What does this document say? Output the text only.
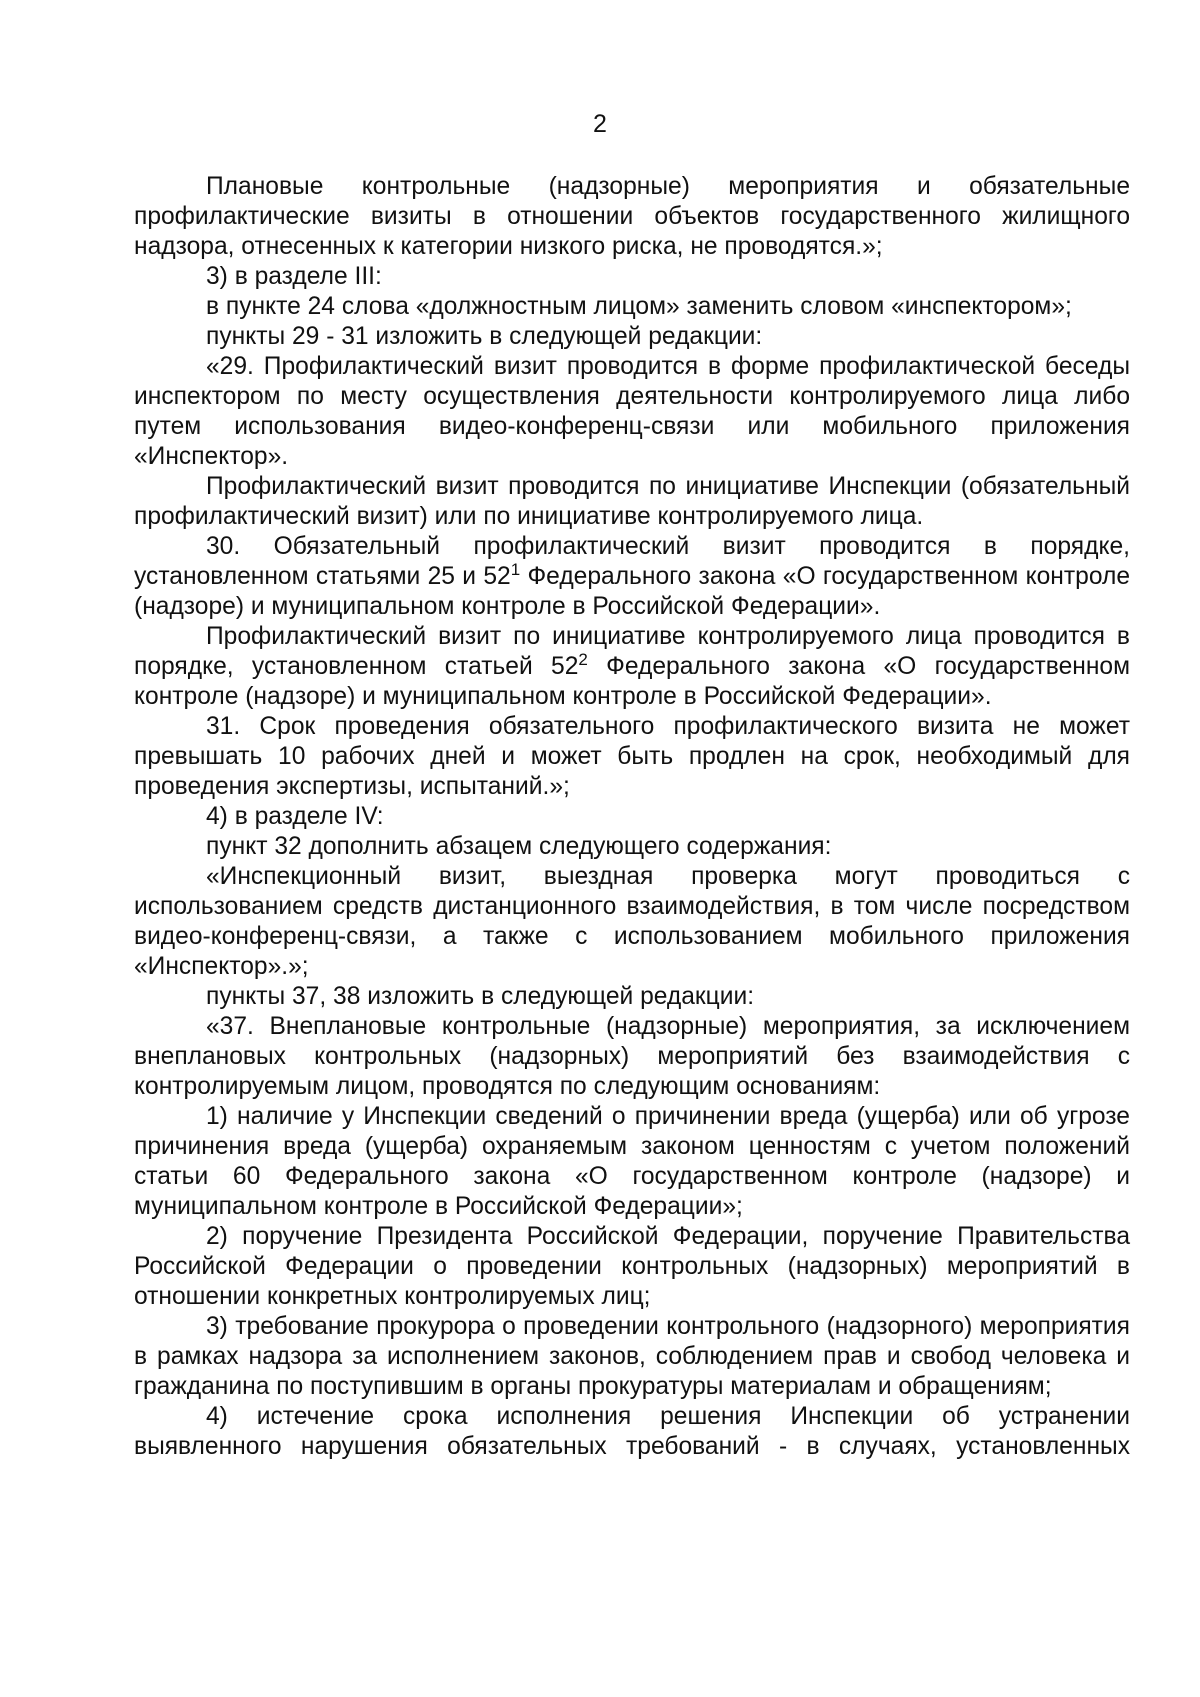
2

Плановые контрольные (надзорные) мероприятия и обязательные профилактические визиты в отношении объектов государственного жилищного надзора, отнесенных к категории низкого риска, не проводятся.»;

3) в разделе III:

в пункте 24 слова «должностным лицом» заменить словом «инспектором»;

пункты 29 - 31 изложить в следующей редакции:

«29. Профилактический визит проводится в форме профилактической беседы инспектором по месту осуществления деятельности контролируемого лица либо путем использования видео-конференц-связи или мобильного приложения «Инспектор».

Профилактический визит проводится по инициативе Инспекции (обязательный профилактический визит) или по инициативе контролируемого лица.

30. Обязательный профилактический визит проводится в порядке, установленном статьями 25 и $52^1$ Федерального закона «О государственном контроле (надзоре) и муниципальном контроле в Российской Федерации».

Профилактический визит по инициативе контролируемого лица проводится в порядке, установленном статьей $52^2$ Федерального закона «О государственном контроле (надзоре) и муниципальном контроле в Российской Федерации».

31. Срок проведения обязательного профилактического визита не может превышать 10 рабочих дней и может быть продлен на срок, необходимый для проведения экспертизы, испытаний.»;

4) в разделе IV:

пункт 32 дополнить абзацем следующего содержания:

«Инспекционный визит, выездная проверка могут проводиться с использованием средств дистанционного взаимодействия, в том числе посредством видео-конференц-связи, а также с использованием мобильного приложения «Инспектор».»;

пункты 37, 38 изложить в следующей редакции:

«37. Внеплановые контрольные (надзорные) мероприятия, за исключением внеплановых контрольных (надзорных) мероприятий без взаимодействия с контролируемым лицом, проводятся по следующим основаниям:

1) наличие у Инспекции сведений о причинении вреда (ущерба) или об угрозе причинения вреда (ущерба) охраняемым законом ценностям с учетом положений статьи 60 Федерального закона «О государственном контроле (надзоре) и муниципальном контроле в Российской Федерации»;

2) поручение Президента Российской Федерации, поручение Правительства Российской Федерации о проведении контрольных (надзорных) мероприятий в отношении конкретных контролируемых лиц;

3) требование прокурора о проведении контрольного (надзорного) мероприятия в рамках надзора за исполнением законов, соблюдением прав и свобод человека и гражданина по поступившим в органы прокуратуры материалам и обращениям;

4) истечение срока исполнения решения Инспекции об устранении выявленного нарушения обязательных требований - в случаях, установленных
